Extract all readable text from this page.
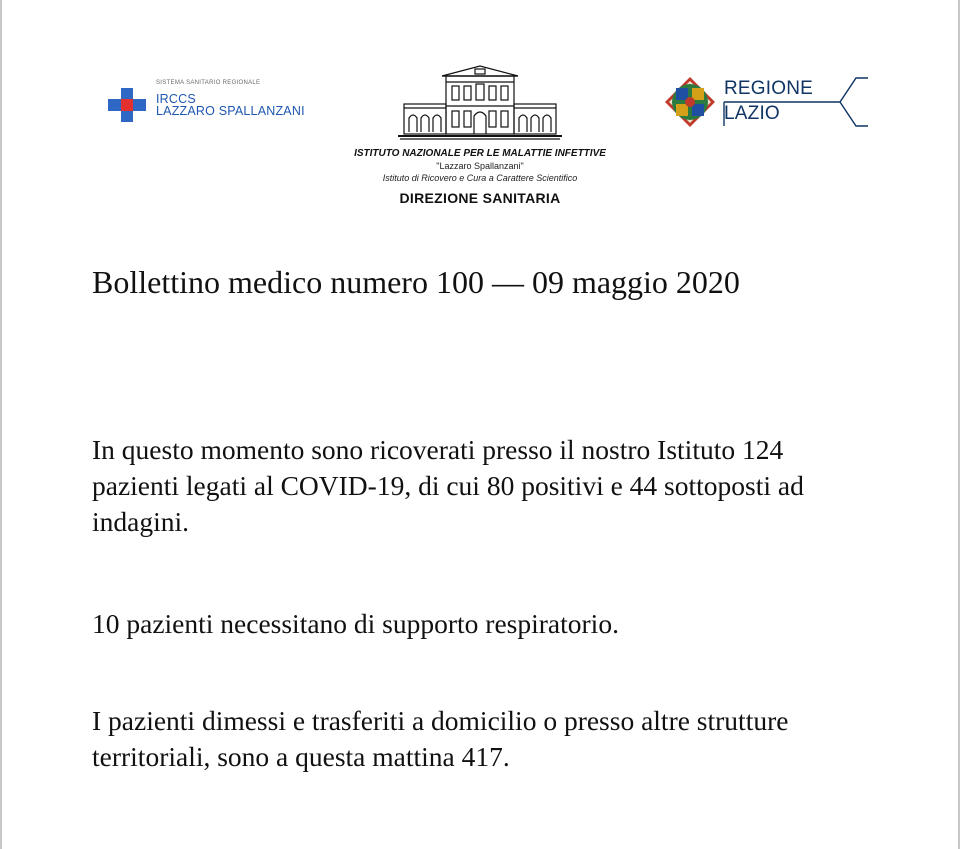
SISTEMA SANITARIO REGIONALE
IRCCS
LAZZARO SPALLANZANI
ISTITUTO NAZIONALE PER LE MALATTIE INFETTIVE
"Lazzaro Spallanzani"
Istituto di Ricovero e Cura a Carattere Scientifico
DIREZIONE SANITARIA
REGIONE
LAZIO
Bollettino medico numero 100 — 09 maggio 2020

In questo momento sono ricoverati presso il nostro Istituto 124 pazienti legati al COVID-19, di cui 80 positivi e 44 sottoposti ad indagini.

10 pazienti necessitano di supporto respiratorio.

I pazienti dimessi e trasferiti a domicilio o presso altre strutture territoriali, sono a questa mattina 417.
